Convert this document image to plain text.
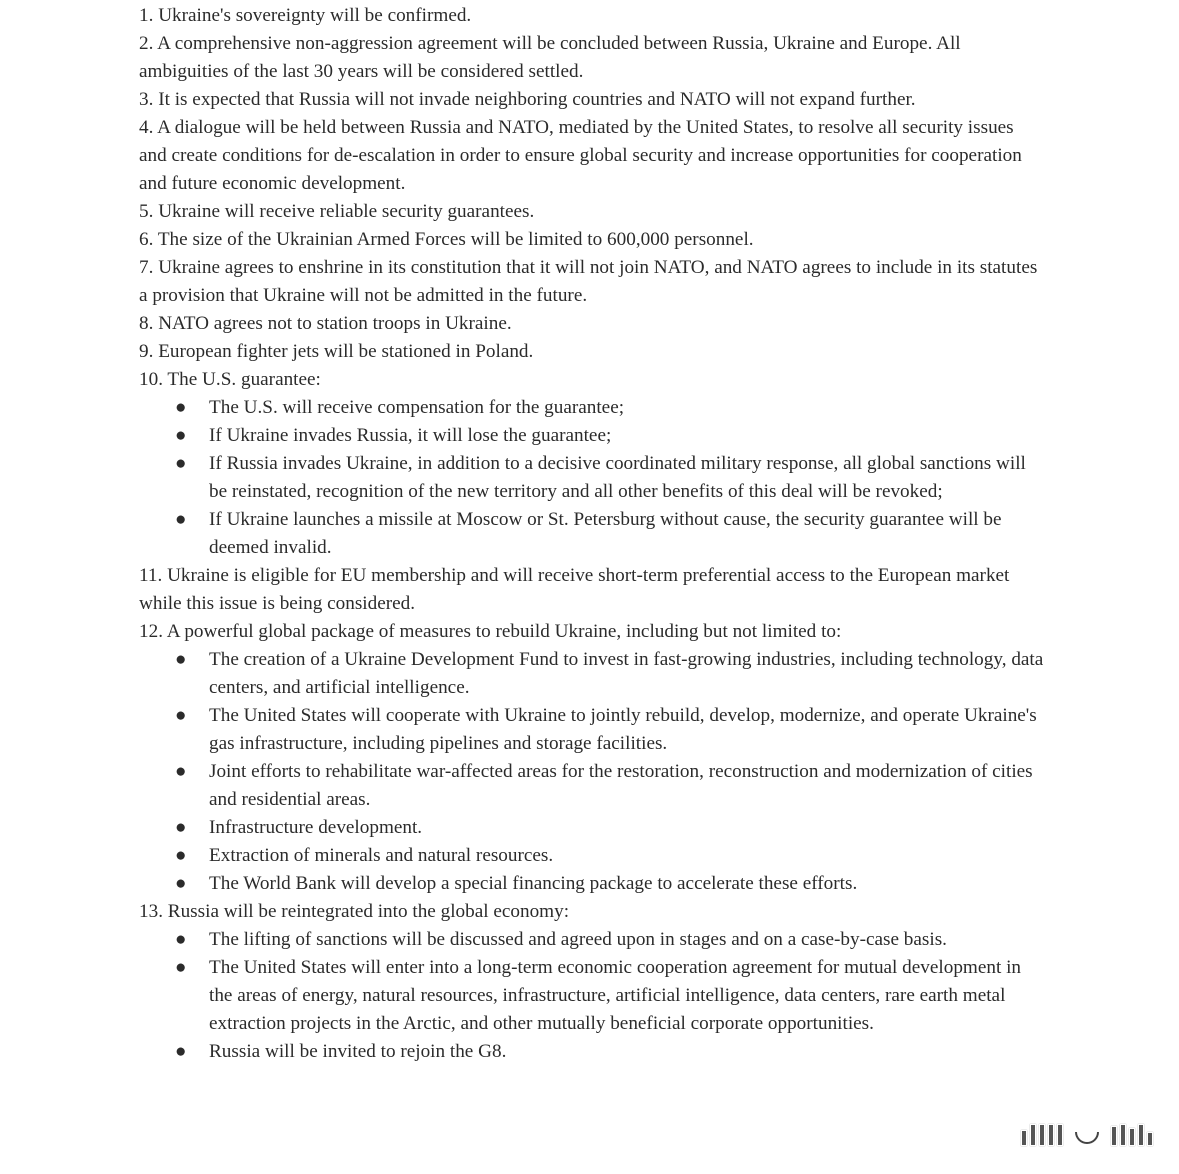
1. Ukraine's sovereignty will be confirmed.

2. A comprehensive non-aggression agreement will be concluded between Russia, Ukraine and Europe. All ambiguities of the last 30 years will be considered settled.

3. It is expected that Russia will not invade neighboring countries and NATO will not expand further.

4. A dialogue will be held between Russia and NATO, mediated by the United States, to resolve all security issues and create conditions for de-escalation in order to ensure global security and increase opportunities for cooperation and future economic development.

5. Ukraine will receive reliable security guarantees.

6. The size of the Ukrainian Armed Forces will be limited to 600,000 personnel.

7. Ukraine agrees to enshrine in its constitution that it will not join NATO, and NATO agrees to include in its statutes a provision that Ukraine will not be admitted in the future.

8. NATO agrees not to station troops in Ukraine.

9. European fighter jets will be stationed in Poland.

10. The U.S. guarantee:

● The U.S. will receive compensation for the guarantee;
● If Ukraine invades Russia, it will lose the guarantee;
● If Russia invades Ukraine, in addition to a decisive coordinated military response, all global sanctions will be reinstated, recognition of the new territory and all other benefits of this deal will be revoked;
● If Ukraine launches a missile at Moscow or St. Petersburg without cause, the security guarantee will be deemed invalid.

11. Ukraine is eligible for EU membership and will receive short-term preferential access to the European market while this issue is being considered.

12. A powerful global package of measures to rebuild Ukraine, including but not limited to:

● The creation of a Ukraine Development Fund to invest in fast-growing industries, including technology, data centers, and artificial intelligence.
● The United States will cooperate with Ukraine to jointly rebuild, develop, modernize, and operate Ukraine's gas infrastructure, including pipelines and storage facilities.
● Joint efforts to rehabilitate war-affected areas for the restoration, reconstruction and modernization of cities and residential areas.
● Infrastructure development.
● Extraction of minerals and natural resources.
● The World Bank will develop a special financing package to accelerate these efforts.

13. Russia will be reintegrated into the global economy:

● The lifting of sanctions will be discussed and agreed upon in stages and on a case-by-case basis.
● The United States will enter into a long-term economic cooperation agreement for mutual development in the areas of energy, natural resources, infrastructure, artificial intelligence, data centers, rare earth metal extraction projects in the Arctic, and other mutually beneficial corporate opportunities.
● Russia will be invited to rejoin the G8.
